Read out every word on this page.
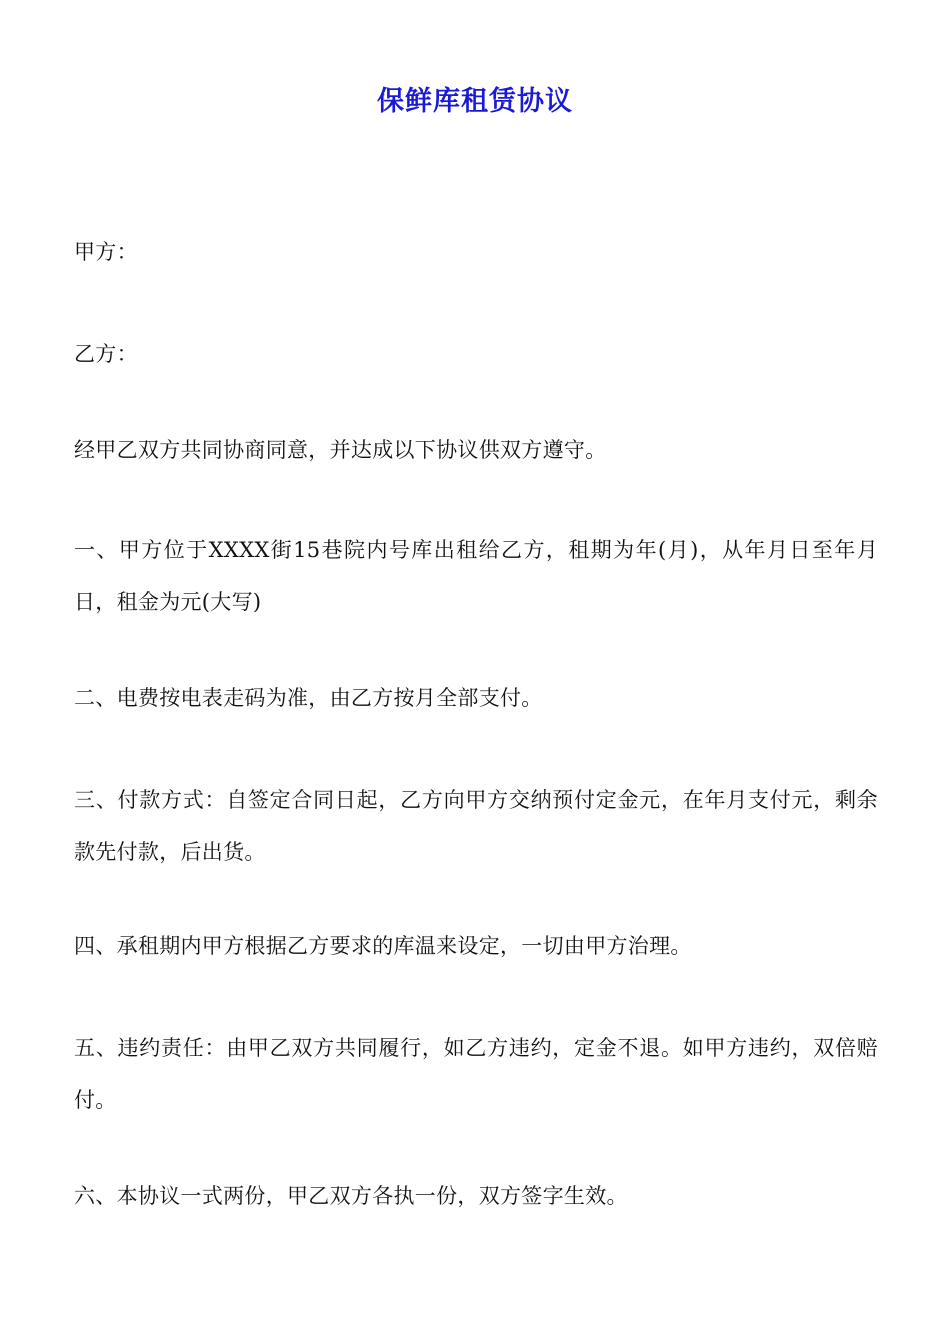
保鲜库租赁协议
甲方：
乙方：
经甲乙双方共同协商同意，并达成以下协议供双方遵守。
一、甲方位于XXXX街15巷院内号库出租给乙方，租期为年(月)，从年月日至年月日，租金为元(大写)
二、电费按电表走码为准，由乙方按月全部支付。
三、付款方式：自签定合同日起，乙方向甲方交纳预付定金元，在年月支付元，剩余款先付款，后出货。
四、承租期内甲方根据乙方要求的库温来设定，一切由甲方治理。
五、违约责任：由甲乙双方共同履行，如乙方违约，定金不退。如甲方违约，双倍赔付。
六、本协议一式两份，甲乙双方各执一份，双方签字生效。
